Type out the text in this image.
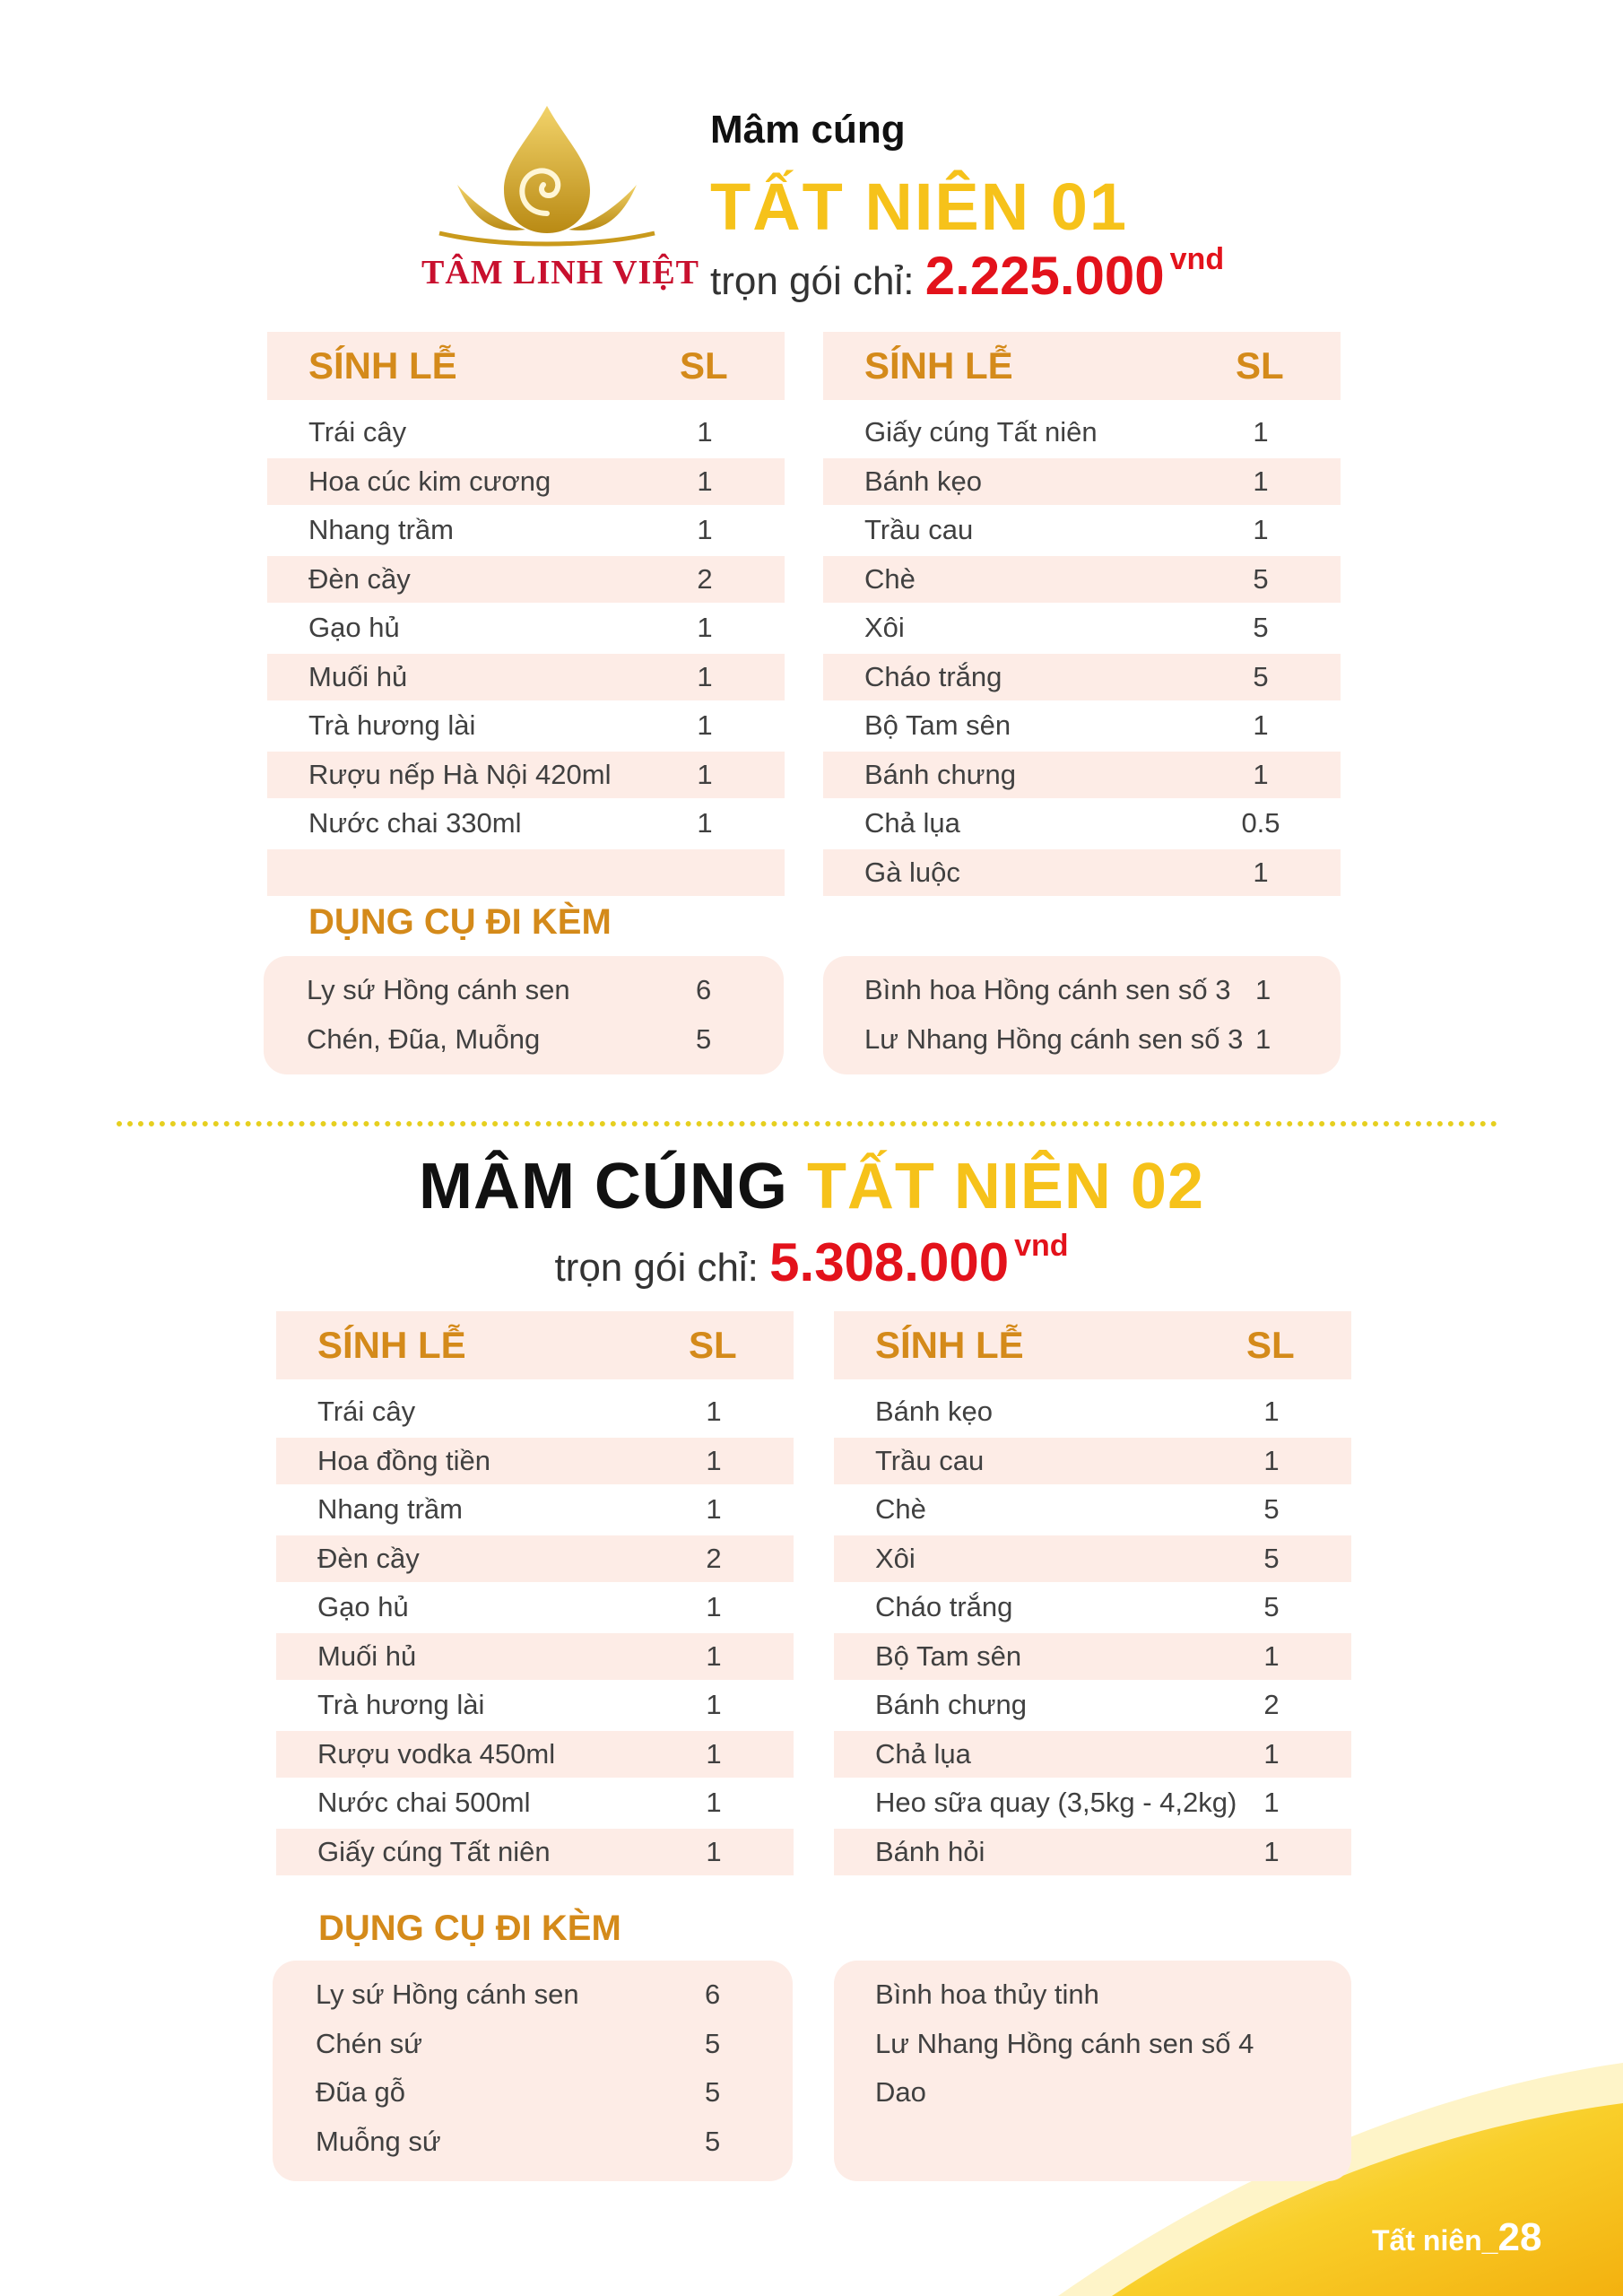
TÂM LINH VIỆT
Mâm cúng
TẤT NIÊN 01
trọn gói chỉ: 2.225.000 $^{vnd}$
SÍNH LỄ	SL
Trái cây	1
Hoa cúc kim cương	1
Nhang trầm	1
Đèn cầy	2
Gạo hủ	1
Muối hủ	1
Trà hương lài	1
Rượu nếp Hà Nội 420ml	1
Nước chai 330ml	1
SÍNH LỄ	SL
Giấy cúng Tất niên	1
Bánh kẹo	1
Trầu cau	1
Chè	5
Xôi	5
Cháo trắng	5
Bộ Tam sên	1
Bánh chưng	1
Chả lụa	0.5
Gà luộc	1
DỤNG CỤ ĐI KÈM
Ly sứ Hồng cánh sen	6
Chén, Đũa, Muỗng	5
Bình hoa Hồng cánh sen số 3 1
Lư Nhang Hồng cánh sen số 3 1
MÂM CÚNG TẤT NIÊN 02
trọn gói chỉ: 5.308.000 $^{vnd}$
SÍNH LỄ	SL
Trái cây	1
Hoa đồng tiền	1
Nhang trầm	1
Đèn cầy	2
Gạo hủ	1
Muối hủ	1
Trà hương lài	1
Rượu vodka 450ml	1
Nước chai 500ml	1
Giấy cúng Tất niên	1
SÍNH LỄ	SL
Bánh kẹo	1
Trầu cau	1
Chè	5
Xôi	5
Cháo trắng	5
Bộ Tam sên	1
Bánh chưng	2
Chả lụa	1
Heo sữa quay (3,5kg - 4,2kg) 1
Bánh hỏi	1
DỤNG CỤ ĐI KÈM
Ly sứ Hồng cánh sen	6
Chén sứ	5
Đũa gỗ	5
Muỗng sứ	5
Bình hoa thủy tinh
Lư Nhang Hồng cánh sen số 4
Dao
Tất niên_28
